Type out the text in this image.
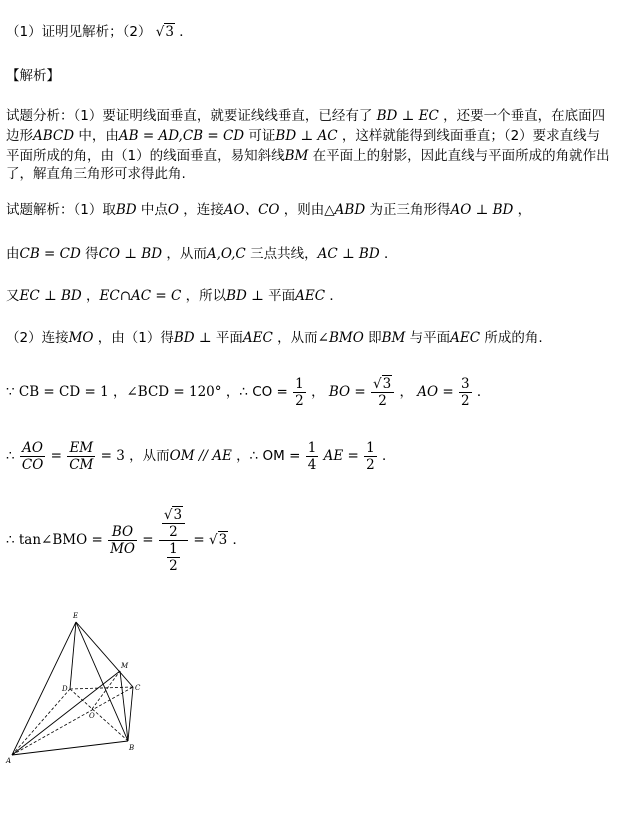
（1）证明见解析；（2） √3 ．
【解析】
试题分析：（1）要证明线面垂直，就要证线线垂直，已经有了 BD ⊥ EC ，还要一个垂直，在底面四
边形ABCD 中，由AB = AD,CB = CD 可证BD ⊥ AC ，这样就能得到线面垂直；（2）要求直线与
平面所成的角，由（1）的线面垂直，易知斜线BM 在平面上的射影，因此直线与平面所成的角就作出
了，解直角三角形可求得此角.
试题解析：（1）取BD 中点O ，连接AO、CO ，则由△ABD 为正三角形得AO ⊥ BD ，
由CB = CD 得CO ⊥ BD ，从而A,O,C 三点共线，AC ⊥ BD ．
又EC ⊥ BD ，EC∩AC = C ，所以BD ⊥ 平面AEC ．
（2）连接MO ，由（1）得BD ⊥ 平面AEC ，从而∠BMO 即BM 与平面AEC 所成的角.
∵ CB = CD = 1 ，∠BCD = 120° ，∴ CO = $\frac{1}{2}$ ， BO = $\frac{√3}{2}$ ， AO = $\frac{3}{2}$ ．
∴ $\frac{AO}{CO} = \frac{EM}{CM} = 3$ ，从而OM // AE ，∴ OM = $\frac{1}{4}$ AE = $\frac{1}{2}$ ．
∴ tan∠BMO = $\frac{BO}{MO} = \frac{\frac{√3}{2}}{\frac{1}{2}} = √3$ ．
E
M
D	C
O
A
B
